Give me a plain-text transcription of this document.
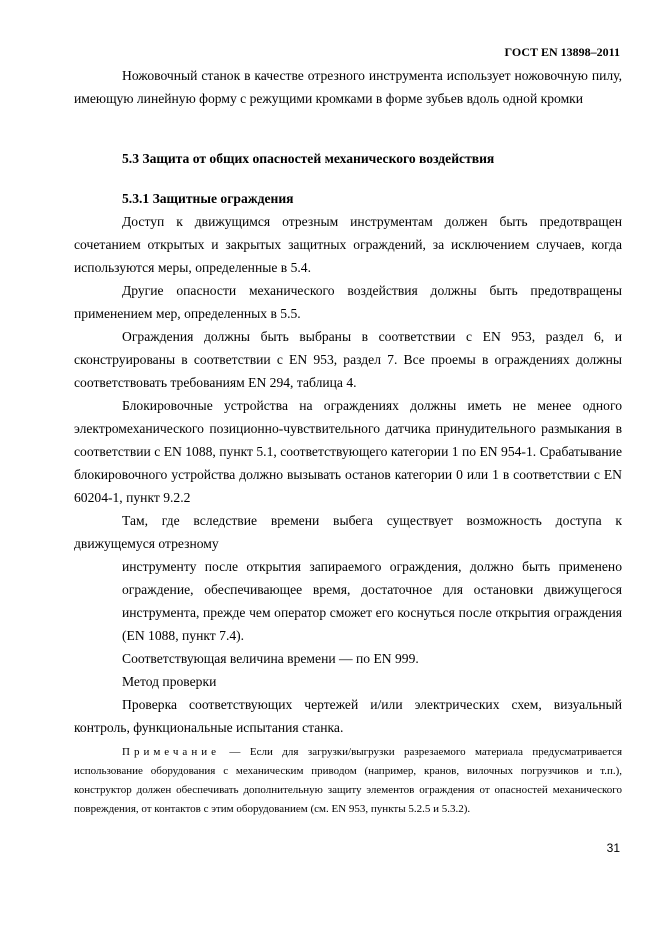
ГОСТ EN 13898–2011

Ножовочный станок в качестве отрезного инструмента использует ножовочную пилу, имеющую линейную форму с режущими кромками в форме зубьев вдоль одной кромки

5.3 Защита от общих опасностей механического воздействия
5.3.1 Защитные ограждения

Доступ к движущимся отрезным инструментам должен быть предотвращен сочетанием открытых и закрытых защитных ограждений, за исключением случаев, когда используются меры, определенные в 5.4.

Другие опасности механического воздействия должны быть предотвращены применением мер, определенных в 5.5.

Ограждения должны быть выбраны в соответствии с EN 953, раздел 6, и сконструированы в соответствии с EN 953, раздел 7. Все проемы в ограждениях должны соответствовать требованиям EN 294, таблица 4.

Блокировочные устройства на ограждениях должны иметь не менее одного электромеханического позиционно-чувствительного датчика принудительного размыкания в соответствии с EN 1088, пункт 5.1, соответствующего категории 1 по EN 954-1. Срабатывание блокировочного устройства должно вызывать останов категории 0 или 1 в соответствии с EN 60204-1, пункт 9.2.2

Там, где вследствие времени выбега существует возможность доступа к движущемуся отрезному

инструменту после открытия запираемого ограждения, должно быть применено ограждение, обеспечивающее время, достаточное для остановки движущегося инструмента, прежде чем оператор сможет его коснуться после открытия ограждения (EN 1088, пункт 7.4).

Соответствующая величина времени — по EN 999.

Метод проверки

Проверка соответствующих чертежей и/или электрических схем, визуальный контроль, функциональные испытания станка.

Примечание — Если для загрузки/выгрузки разрезаемого материала предусматривается использование оборудования с механическим приводом (например, кранов, вилочных погрузчиков и т.п.), конструктор должен обеспечивать дополнительную защиту элементов ограждения от опасностей механического повреждения, от контактов с этим оборудованием (см. EN 953, пункты 5.2.5 и 5.3.2).
31
